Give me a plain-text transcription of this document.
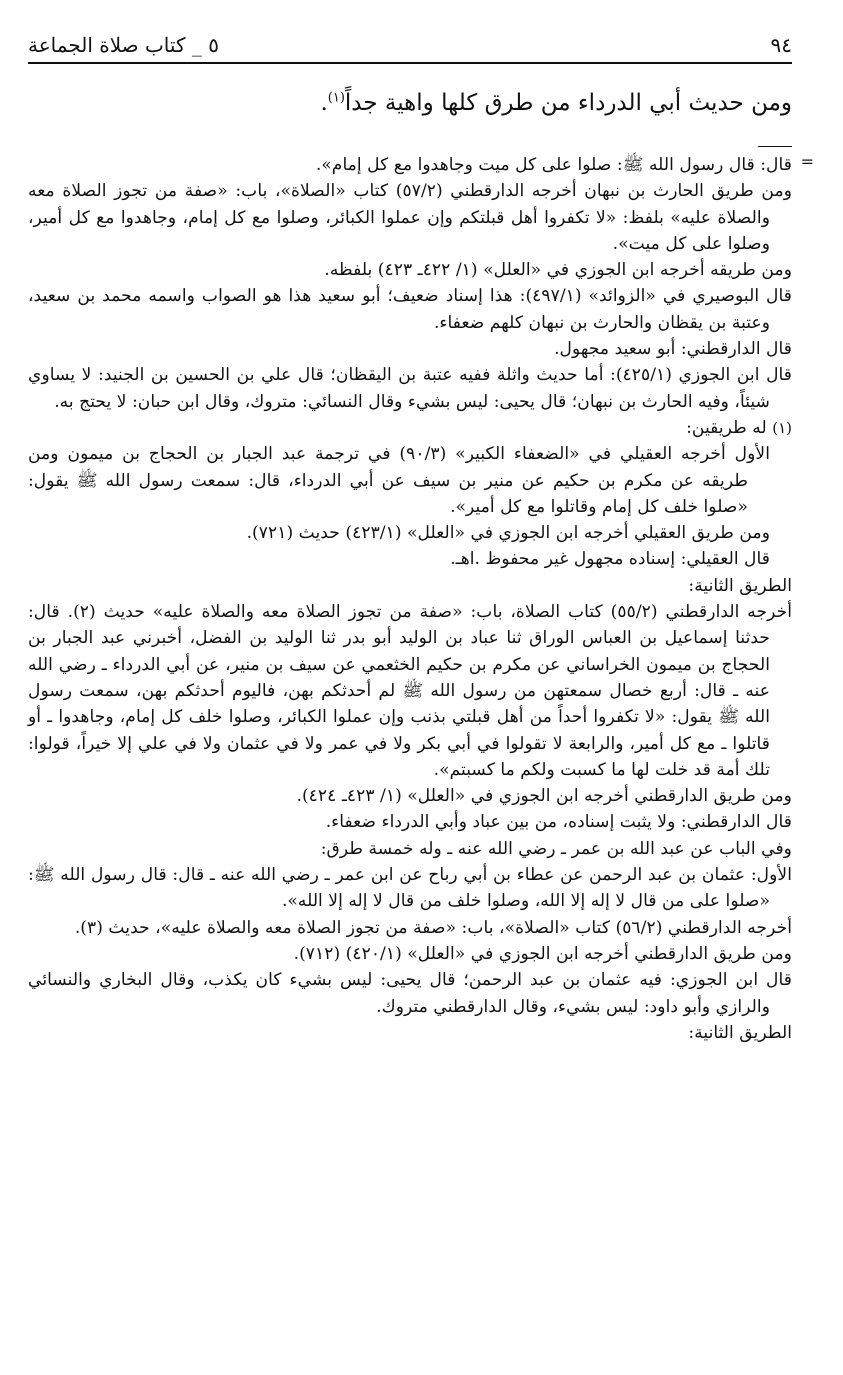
٩٤
٥ _ كتاب صلاة الجماعة
ومن حديث أبي الدرداء من طرق كلها واهية جداً$^{(١)}$.
=

قال: قال رسول الله ﷺ: صلوا على كل ميت وجاهدوا مع كل إمام».

ومن طريق الحارث بن نبهان أخرجه الدارقطني (٥٧/٢) كتاب «الصلاة»، باب: «صفة من تجوز الصلاة معه والصلاة عليه» بلفظ: «لا تكفروا أهل قبلتكم وإن عملوا الكبائر، وصلوا مع كل إمام، وجاهدوا مع كل أمير، وصلوا على كل ميت».

ومن طريقه أخرجه ابن الجوزي في «العلل» (١/ ٤٢٢ـ ٤٢٣) بلفظه.

قال البوصيري في «الزوائد» (٤٩٧/١): هذا إسناد ضعيف؛ أبو سعيد هذا هو الصواب واسمه محمد بن سعيد، وعتبة بن يقظان والحارث بن نبهان كلهم ضعفاء.

قال الدارقطني: أبو سعيد مجهول.

قال ابن الجوزي (٤٢٥/١): أما حديث واثلة ففيه عتبة بن اليقظان؛ قال علي بن الحسين بن الجنيد: لا يساوي شيئاً، وفيه الحارث بن نبهان؛ قال يحيى: ليس بشيء وقال النسائي: متروك، وقال ابن حبان: لا يحتج به.

(١) له طريقين:

الأول أخرجه العقيلي في «الضعفاء الكبير» (٩٠/٣) في ترجمة عبد الجبار بن الحجاج بن ميمون ومن طريقه عن مكرم بن حكيم عن منير بن سيف عن أبي الدرداء، قال: سمعت رسول الله ﷺ يقول: «صلوا خلف كل إمام وقاتلوا مع كل أمير».

ومن طريق العقيلي أخرجه ابن الجوزي في «العلل» (٤٢٣/١) حديث (٧٢١).

قال العقيلي: إسناده مجهول غير محفوظ .اهـ.

الطريق الثانية:

أخرجه الدارقطني (٥٥/٢) كتاب الصلاة، باب: «صفة من تجوز الصلاة معه والصلاة عليه» حديث (٢). قال: حدثنا إسماعيل بن العباس الوراق ثنا عباد بن الوليد أبو بدر ثنا الوليد بن الفضل، أخبرني عبد الجبار بن الحجاج بن ميمون الخراساني عن مكرم بن حكيم الخثعمي عن سيف بن منير، عن أبي الدرداء ـ رضي الله عنه ـ قال: أربع خصال سمعتهن من رسول الله ﷺ لم أحدثكم بهن، فاليوم أحدثكم بهن، سمعت رسول الله ﷺ يقول: «لا تكفروا أحداً من أهل قبلتي بذنب وإن عملوا الكبائر، وصلوا خلف كل إمام، وجاهدوا ـ أو قاتلوا ـ مع كل أمير، والرابعة لا تقولوا في أبي بكر ولا في عمر ولا في عثمان ولا في علي إلا خيراً، قولوا: تلك أمة قد خلت لها ما كسبت ولكم ما كسبتم».

ومن طريق الدارقطني أخرجه ابن الجوزي في «العلل» (١/ ٤٢٣ـ ٤٢٤).

قال الدارقطني: ولا يثبت إسناده، من بين عباد وأبي الدرداء ضعفاء.

وفي الباب عن عبد الله بن عمر ـ رضي الله عنه ـ وله خمسة طرق:

الأول: عثمان بن عبد الرحمن عن عطاء بن أبي رباح عن ابن عمر ـ رضي الله عنه ـ قال: قال رسول الله ﷺ: «صلوا على من قال لا إله إلا الله، وصلوا خلف من قال لا إله إلا الله».

أخرجه الدارقطني (٥٦/٢) كتاب «الصلاة»، باب: «صفة من تجوز الصلاة معه والصلاة عليه»، حديث (٣).

ومن طريق الدارقطني أخرجه ابن الجوزي في «العلل» (٤٢٠/١) (٧١٢).

قال ابن الجوزي: فيه عثمان بن عبد الرحمن؛ قال يحيى: ليس بشيء كان يكذب، وقال البخاري والنسائي والرازي وأبو داود: ليس بشيء، وقال الدارقطني متروك.

الطريق الثانية:
